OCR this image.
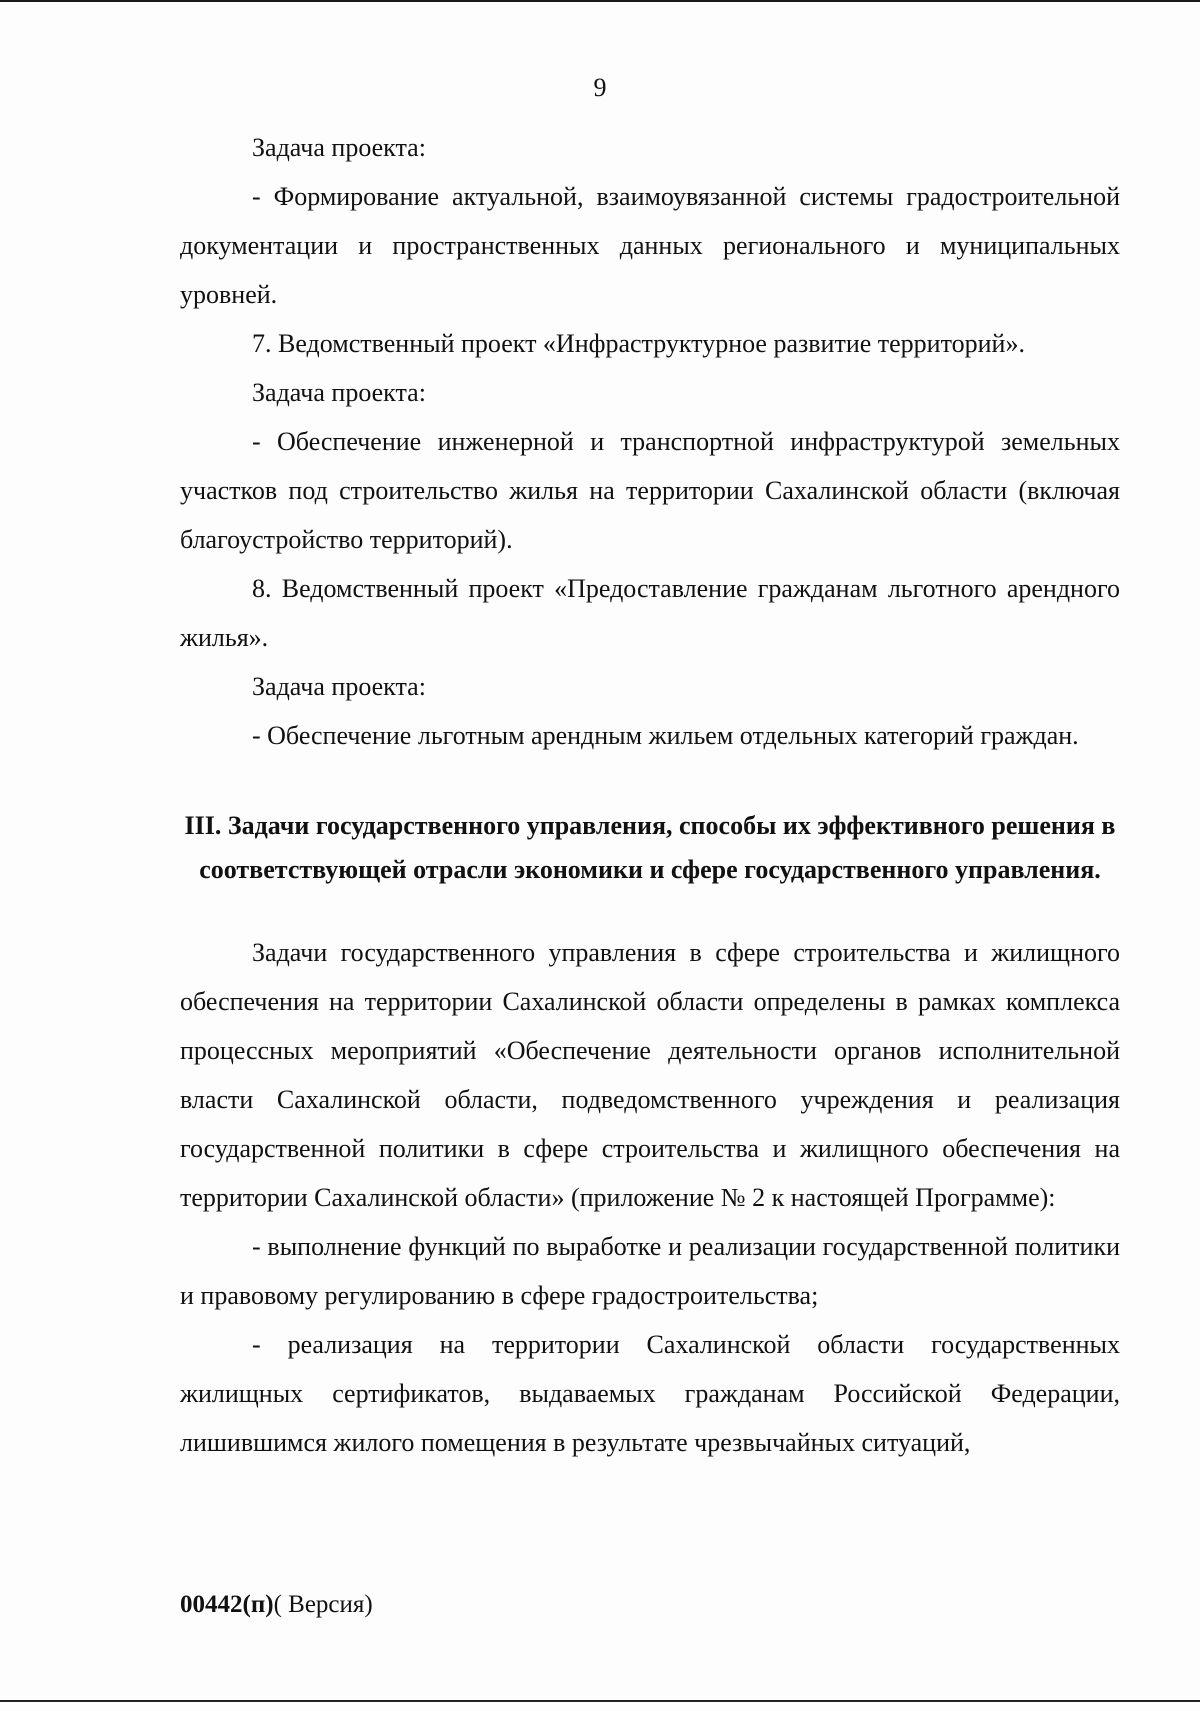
9

Задача проекта:

- Формирование актуальной, взаимоувязанной системы градостроительной документации и пространственных данных регионального и муниципальных уровней.

7. Ведомственный проект «Инфраструктурное развитие территорий».

Задача проекта:

- Обеспечение инженерной и транспортной инфраструктурой земельных участков под строительство жилья на территории Сахалинской области (включая благоустройство территорий).

8. Ведомственный проект «Предоставление гражданам льготного арендного жилья».

Задача проекта:

- Обеспечение льготным арендным жильем отдельных категорий граждан.

III. Задачи государственного управления, способы их эффективного решения в соответствующей отрасли экономики и сфере государственного управления.

Задачи государственного управления в сфере строительства и жилищного обеспечения на территории Сахалинской области определены в рамках комплекса процессных мероприятий «Обеспечение деятельности органов исполнительной власти Сахалинской области, подведомственного учреждения и реализация государственной политики в сфере строительства и жилищного обеспечения на территории Сахалинской области» (приложение № 2 к настоящей Программе):

- выполнение функций по выработке и реализации государственной политики и правовому регулированию в сфере градостроительства;

- реализация на территории Сахалинской области государственных жилищных сертификатов, выдаваемых гражданам Российской Федерации, лишившимся жилого помещения в результате чрезвычайных ситуаций,

00442(п)( Версия)
